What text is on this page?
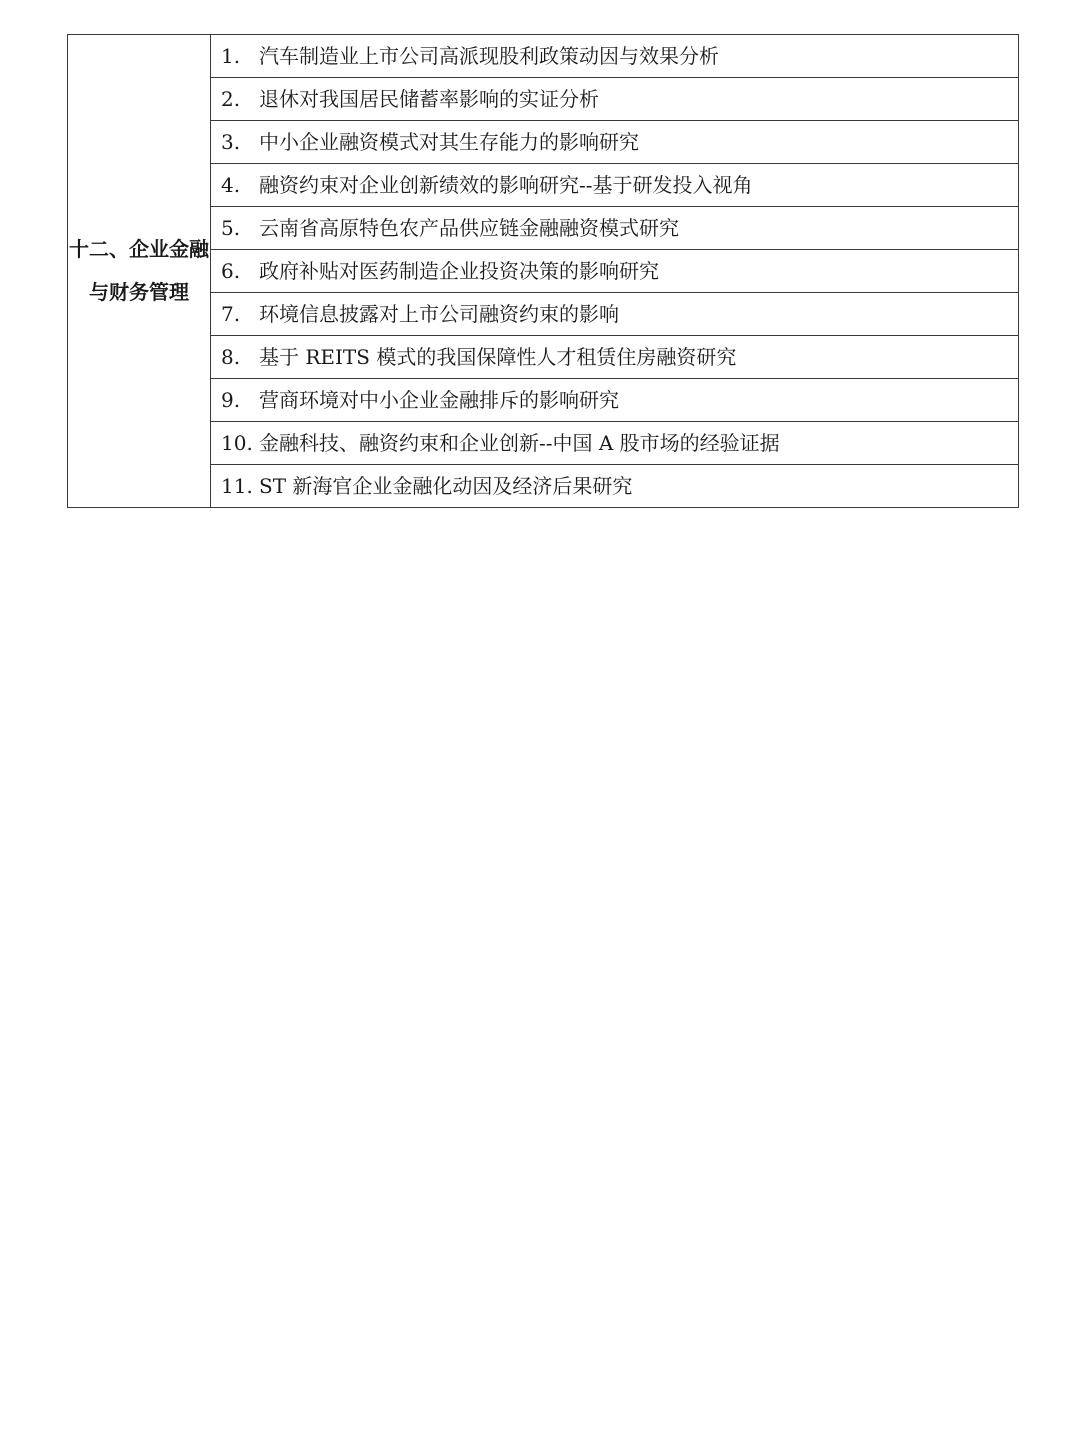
十二、企业金融与财务管理	1. 汽车制造业上市公司高派现股利政策动因与效果分析
2. 退休对我国居民储蓄率影响的实证分析
3. 中小企业融资模式对其生存能力的影响研究
4. 融资约束对企业创新绩效的影响研究--基于研发投入视角
5. 云南省高原特色农产品供应链金融融资模式研究
6. 政府补贴对医药制造企业投资决策的影响研究
7. 环境信息披露对上市公司融资约束的影响
8. 基于 REITS 模式的我国保障性人才租赁住房融资研究
9. 营商环境对中小企业金融排斥的影响研究
10. 金融科技、融资约束和企业创新--中国 A 股市场的经验证据
11. ST 新海官企业金融化动因及经济后果研究
